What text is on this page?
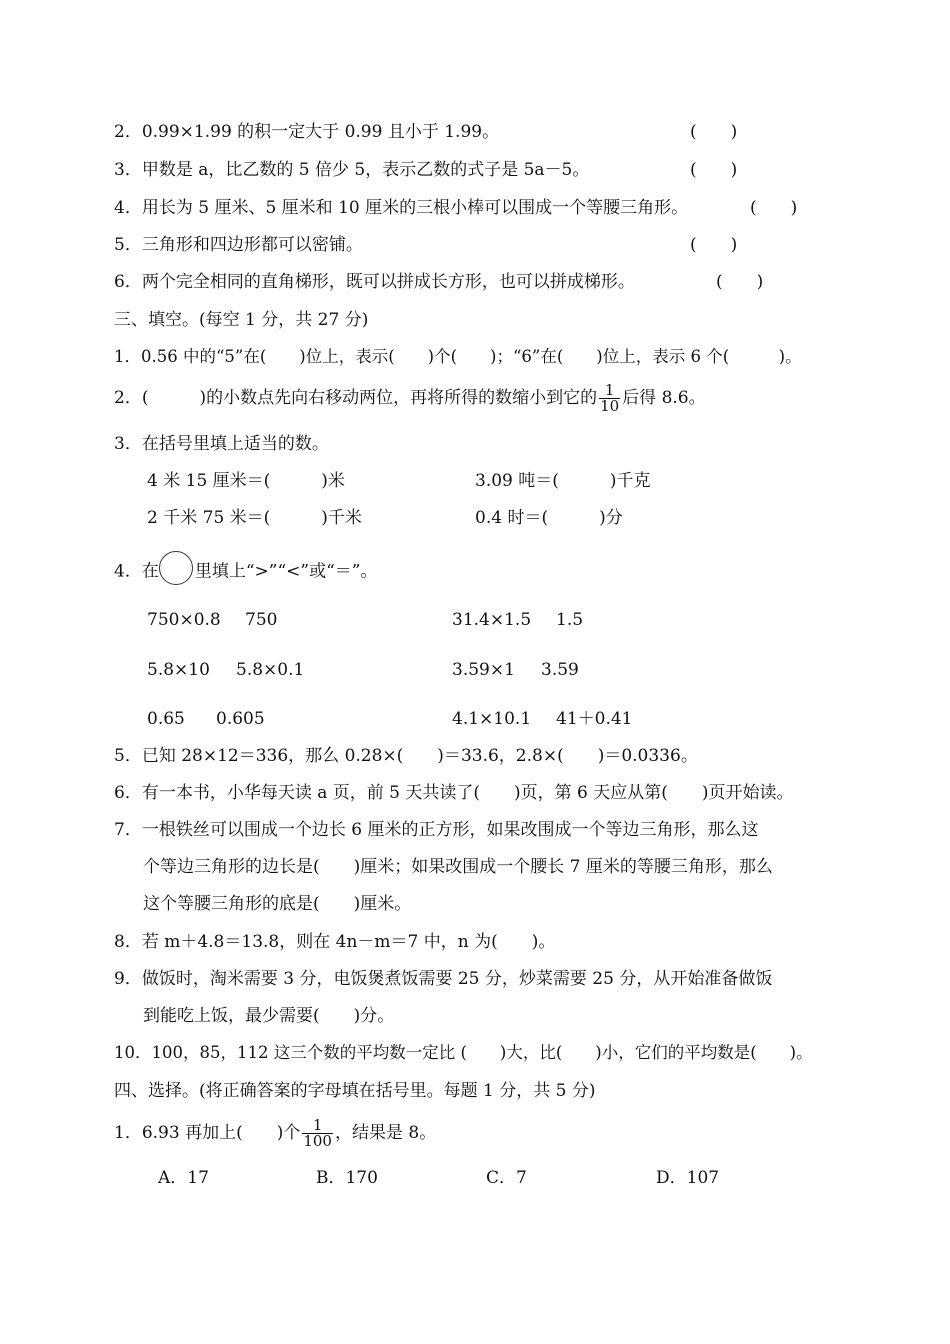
2．0.99×1.99 的积一定大于 0.99 且小于 1.99。	(　　)
3．甲数是 a，比乙数的 5 倍少 5，表示乙数的式子是 5a－5。	(　　)
4．用长为 5 厘米、5 厘米和 10 厘米的三根小棒可以围成一个等腰三角形。	(　　)
5．三角形和四边形都可以密铺。	(　　)
6．两个完全相同的直角梯形，既可以拼成长方形，也可以拼成梯形。	(　　)
三、填空。(每空 1 分，共 27 分)
1．0.56 中的“5”在(　　)位上，表示(　　)个(　　)；“6”在(　　)位上，表示 6 个(　　　)。
2．(　　　)的小数点先向右移动两位，再将所得的数缩小到它的 $\frac{1}{10}$ 后得 8.6。
3．在括号里填上适当的数。
4 米 15 厘米＝(　　　)米	3.09 吨＝(　　　)千克
2 千米 75 米＝(　　　)千米	0.4 时＝(　　　)分
4．在 里填上“>”“<”或“＝”。
750×0.8 750	31.4×1.5 1.5
5.8×10 5.8×0.1	3.59×1 3.59
0.65 0.605	4.1×10.1 41＋0.41
5．已知 28×12＝336，那么 0.28×(　　)＝33.6，2.8×(　　)＝0.0336。
6．有一本书，小华每天读 a 页，前 5 天共读了(　　)页，第 6 天应从第(　　)页开始读。
7．一根铁丝可以围成一个边长 6 厘米的正方形，如果改围成一个等边三角形，那么这
个等边三角形的边长是(　　)厘米；如果改围成一个腰长 7 厘米的等腰三角形，那么
这个等腰三角形的底是(　　)厘米。
8．若 m＋4.8＝13.8，则在 4n－m＝7 中，n 为(　　)。
9．做饭时，淘米需要 3 分，电饭煲煮饭需要 25 分，炒菜需要 25 分，从开始准备做饭
到能吃上饭，最少需要(　　)分。
10．100，85，112 这三个数的平均数一定比 (　　)大，比(　　)小，它们的平均数是(　　)。
四、选择。(将正确答案的字母填在括号里。每题 1 分，共 5 分)
1．6.93 再加上(　　)个 $\frac{1}{100}$ ，结果是 8。
A．17	B．170	C．7	D．107
